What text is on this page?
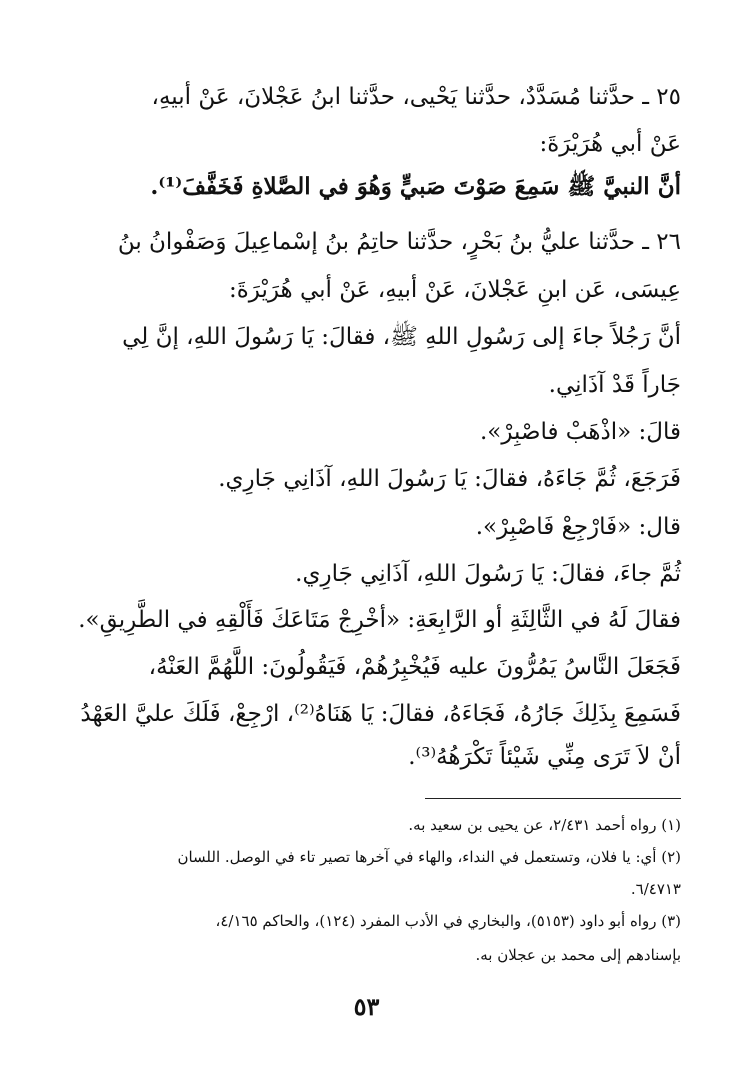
٢٥ ـ حدَّثنا مُسَدَّدٌ، حدَّثنا يَحْيى، حدَّثنا ابنُ عَجْلانَ، عَنْ أبيهِ،
عَنْ أبي هُرَيْرَةَ:
أنَّ النبيَّ ﷺ سَمِعَ صَوْتَ صَبيٍّ وَهُوَ في الصَّلاةِ فَخَفَّفَ⁽¹⁾.
٢٦ ـ حدَّثنا عليُّ بنُ بَحْرٍ، حدَّثنا حاتِمُ بنُ إسْماعِيلَ وَصَفْوانُ بنُ
عِيسَى، عَن ابنِ عَجْلانَ، عَنْ أبيهِ، عَنْ أبي هُرَيْرَةَ:
أنَّ رَجُلاً جاءَ إلى رَسُولِ اللهِ ﷺ، فقالَ: يَا رَسُولَ اللهِ، إنَّ لِي
جَاراً قَدْ آذَانِي.
قالَ: «اذْهَبْ فاصْبِرْ».
فَرَجَعَ، ثُمَّ جَاءَهُ، فقالَ: يَا رَسُولَ اللهِ، آذَانِي جَارِي.
قال: «فَارْجِعْ فَاصْبِرْ».
ثُمَّ جاءَ، فقالَ: يَا رَسُولَ اللهِ، آذَانِي جَارِي.
فقالَ لَهُ في الثَّالِثَةِ أو الرَّابِعَةِ: «أخْرِجْ مَتَاعَكَ فَأَلْقِهِ في الطَّرِيقِ».
فَجَعَلَ النَّاسُ يَمُرُّونَ عليه فَيُخْبِرُهُمْ، فَيَقُولُونَ: اللَّهُمَّ العَنْهُ،
فَسَمِعَ بِذَلِكَ جَارُهُ، فَجَاءَهُ، فقالَ: يَا هَنَاهُ⁽²⁾، ارْجِعْ، فَلَكَ عليَّ العَهْدُ
أنْ لاَ تَرَى مِنِّي شَيْئاً تَكْرَهُهُ⁽³⁾.
(١) رواه أحمد ٢/٤٣١، عن يحيى بن سعيد به.
(٢) أي: يا فلان، وتستعمل في النداء، والهاء في آخرها تصير تاء في الوصل. اللسان
٦/٤٧١٣.
(٣) رواه أبو داود (٥١٥٣)، والبخاري في الأدب المفرد (١٢٤)، والحاكم ٤/١٦٥،
بإسنادهم إلى محمد بن عجلان به.
٥٣
